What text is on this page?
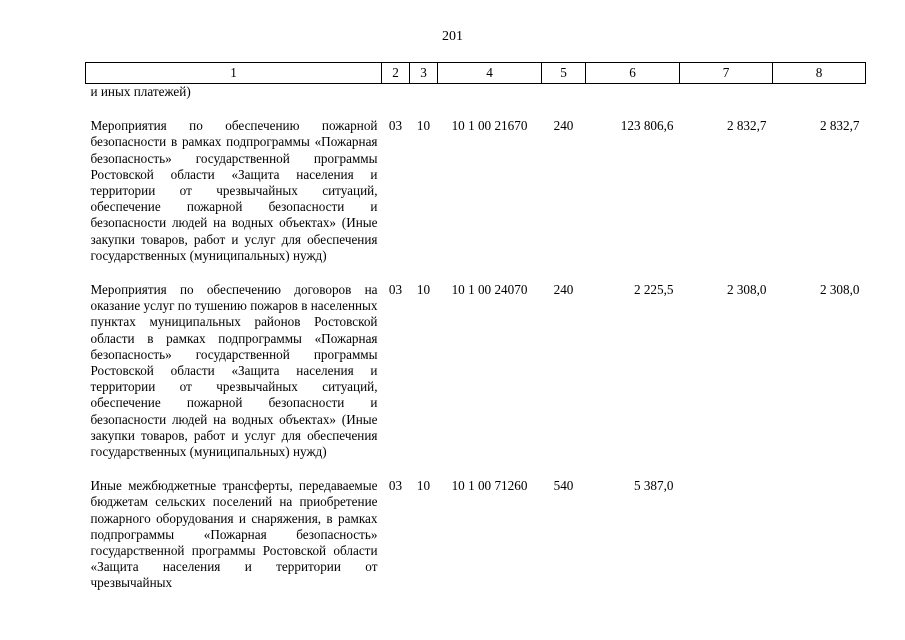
201
1	2	3	4	5	6	7	8
и иных платежей)							
Мероприятия по обеспечению пожарной безопасности в рамках подпрограммы «Пожарная безопасность» государственной программы Ростовской области «Защита населения и территории от чрезвычайных ситуаций, обеспечение пожарной безопасности и безопасности людей на водных объектах» (Иные закупки товаров, работ и услуг для обеспечения государственных (муниципальных) нужд)	03	10	10 1 00 21670	240	123 806,6	2 832,7	2 832,7
Мероприятия по обеспечению договоров на оказание услуг по тушению пожаров в населенных пунктах муниципальных районов Ростовской области в рамках подпрограммы «Пожарная безопасность» государственной программы Ростовской области «Защита населения и территории от чрезвычайных ситуаций, обеспечение пожарной безопасности и безопасности людей на водных объектах» (Иные закупки товаров, работ и услуг для обеспечения государственных (муниципальных) нужд)	03	10	10 1 00 24070	240	2 225,5	2 308,0	2 308,0
Иные межбюджетные трансферты, передаваемые бюджетам сельских поселений на приобретение пожарного оборудования и снаряжения, в рамках подпрограммы «Пожарная безопасность» государственной программы Ростовской области «Защита населения и территории от чрезвычайных	03	10	10 1 00 71260	540	5 387,0		
